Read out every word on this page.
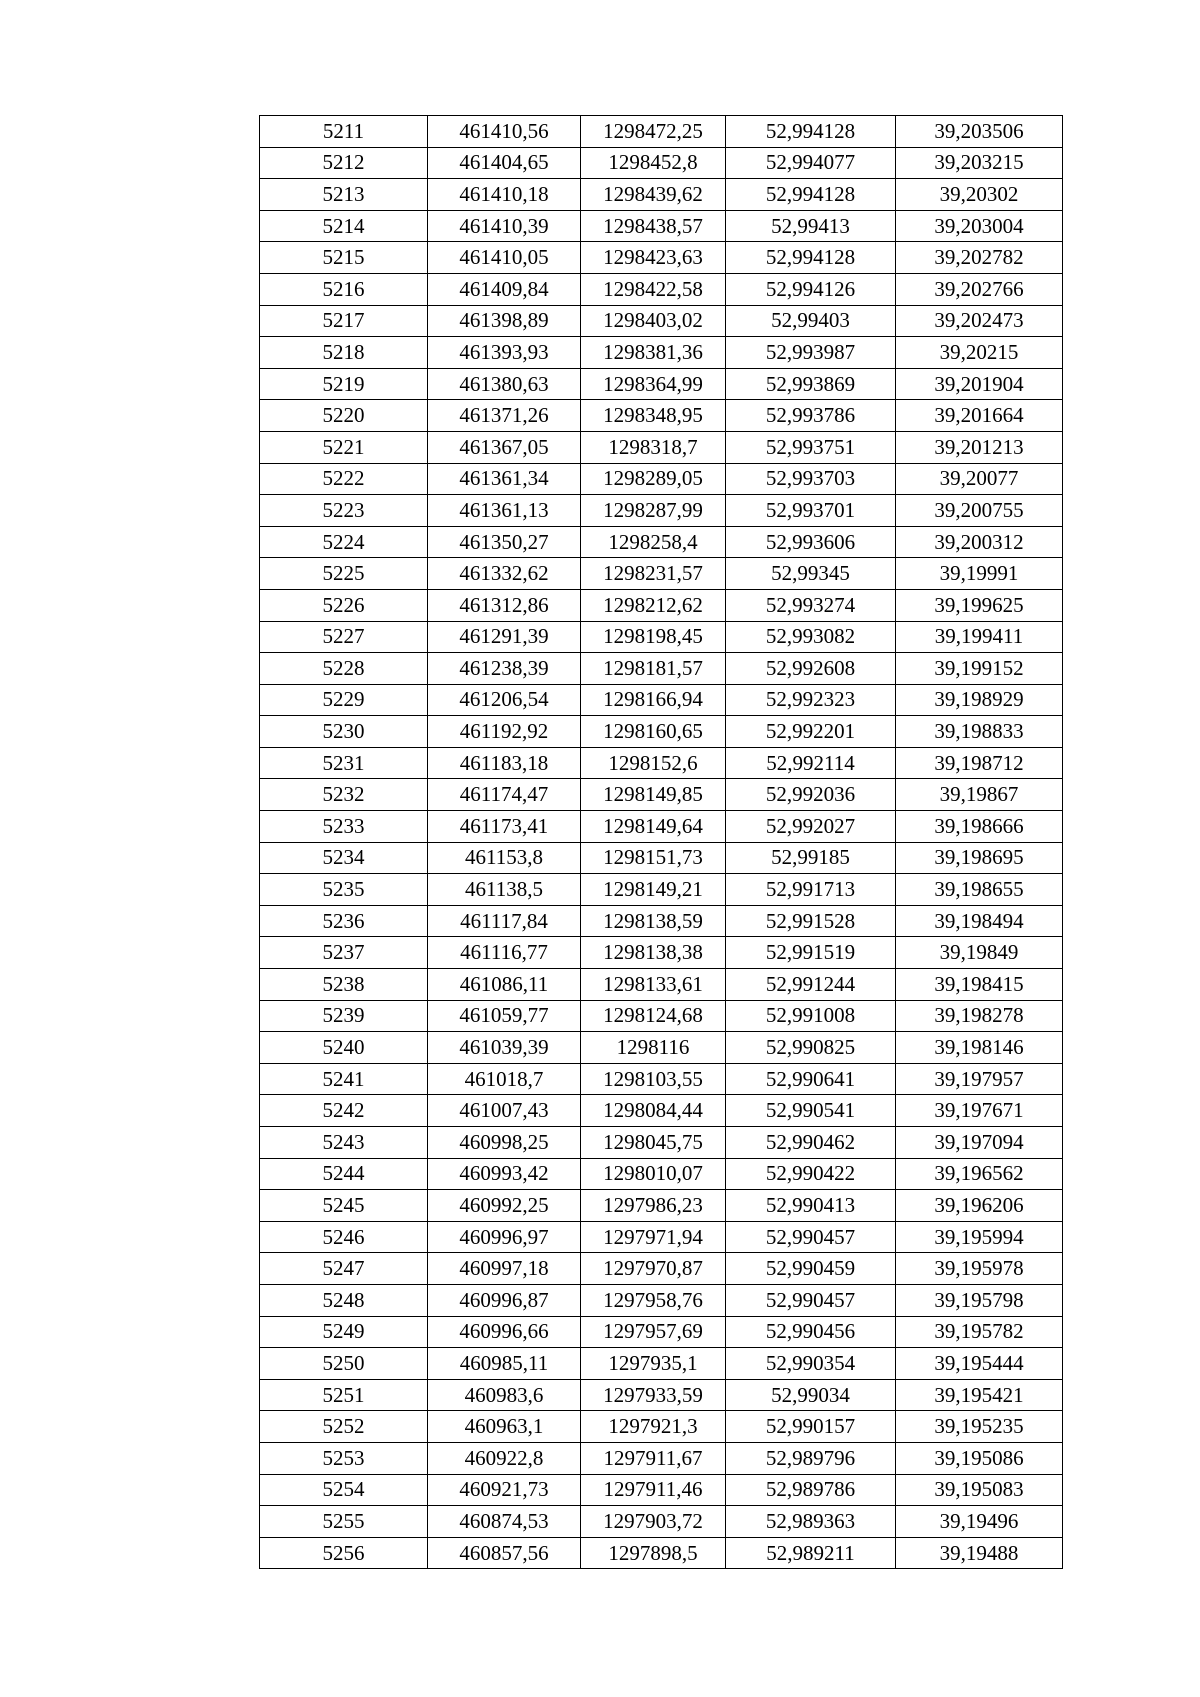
5211	461410,56	1298472,25	52,994128	39,203506
5212	461404,65	1298452,8	52,994077	39,203215
5213	461410,18	1298439,62	52,994128	39,20302
5214	461410,39	1298438,57	52,99413	39,203004
5215	461410,05	1298423,63	52,994128	39,202782
5216	461409,84	1298422,58	52,994126	39,202766
5217	461398,89	1298403,02	52,99403	39,202473
5218	461393,93	1298381,36	52,993987	39,20215
5219	461380,63	1298364,99	52,993869	39,201904
5220	461371,26	1298348,95	52,993786	39,201664
5221	461367,05	1298318,7	52,993751	39,201213
5222	461361,34	1298289,05	52,993703	39,20077
5223	461361,13	1298287,99	52,993701	39,200755
5224	461350,27	1298258,4	52,993606	39,200312
5225	461332,62	1298231,57	52,99345	39,19991
5226	461312,86	1298212,62	52,993274	39,199625
5227	461291,39	1298198,45	52,993082	39,199411
5228	461238,39	1298181,57	52,992608	39,199152
5229	461206,54	1298166,94	52,992323	39,198929
5230	461192,92	1298160,65	52,992201	39,198833
5231	461183,18	1298152,6	52,992114	39,198712
5232	461174,47	1298149,85	52,992036	39,19867
5233	461173,41	1298149,64	52,992027	39,198666
5234	461153,8	1298151,73	52,99185	39,198695
5235	461138,5	1298149,21	52,991713	39,198655
5236	461117,84	1298138,59	52,991528	39,198494
5237	461116,77	1298138,38	52,991519	39,19849
5238	461086,11	1298133,61	52,991244	39,198415
5239	461059,77	1298124,68	52,991008	39,198278
5240	461039,39	1298116	52,990825	39,198146
5241	461018,7	1298103,55	52,990641	39,197957
5242	461007,43	1298084,44	52,990541	39,197671
5243	460998,25	1298045,75	52,990462	39,197094
5244	460993,42	1298010,07	52,990422	39,196562
5245	460992,25	1297986,23	52,990413	39,196206
5246	460996,97	1297971,94	52,990457	39,195994
5247	460997,18	1297970,87	52,990459	39,195978
5248	460996,87	1297958,76	52,990457	39,195798
5249	460996,66	1297957,69	52,990456	39,195782
5250	460985,11	1297935,1	52,990354	39,195444
5251	460983,6	1297933,59	52,99034	39,195421
5252	460963,1	1297921,3	52,990157	39,195235
5253	460922,8	1297911,67	52,989796	39,195086
5254	460921,73	1297911,46	52,989786	39,195083
5255	460874,53	1297903,72	52,989363	39,19496
5256	460857,56	1297898,5	52,989211	39,19488
